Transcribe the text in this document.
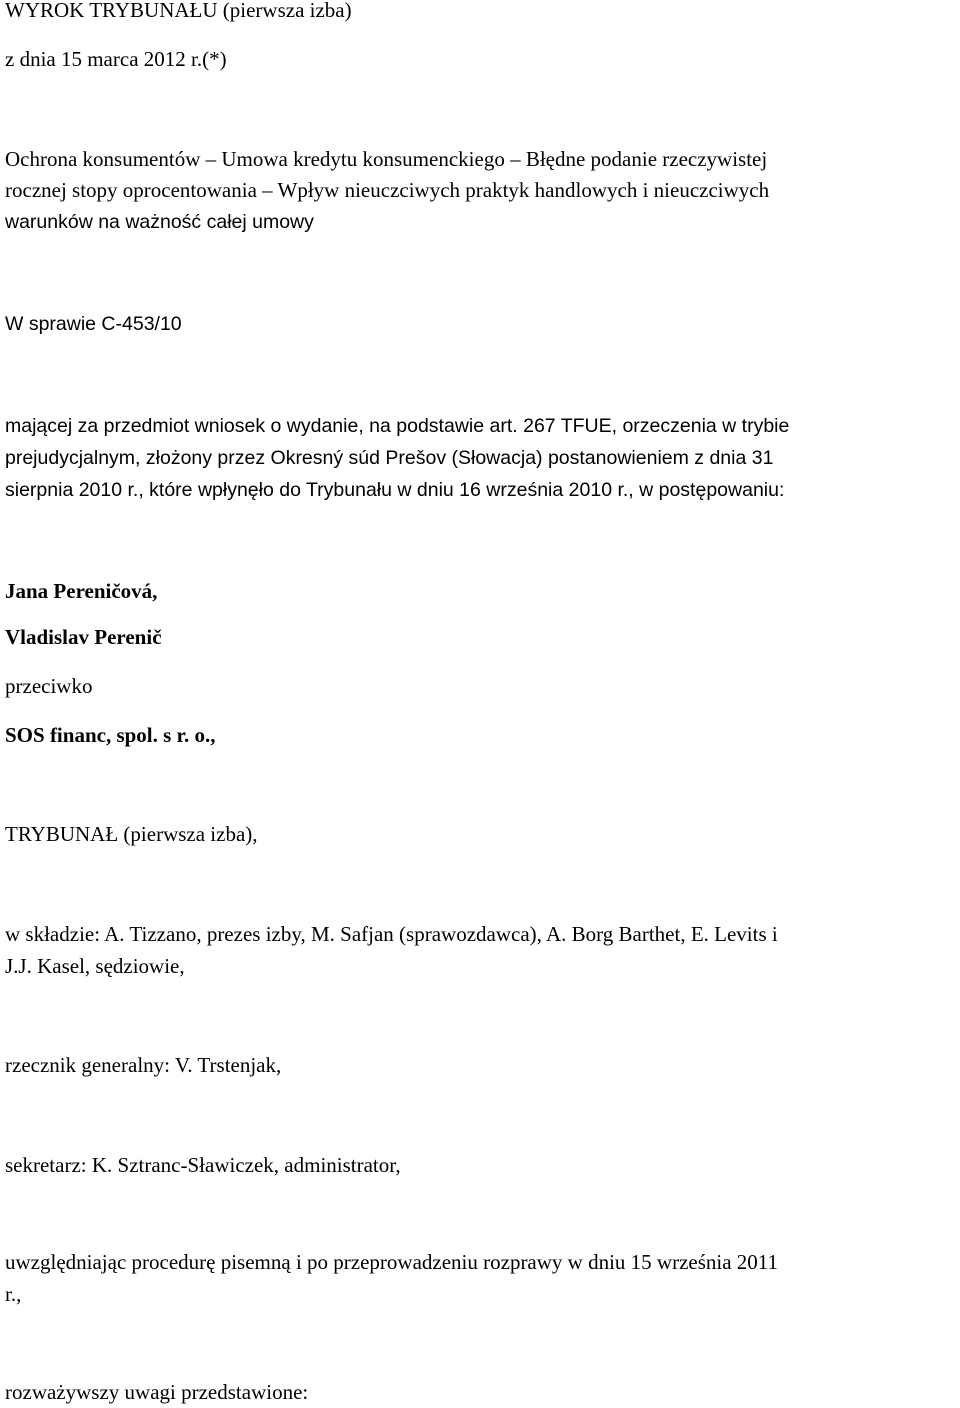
WYROK TRYBUNAŁU (pierwsza izba)

z dnia 15 marca 2012 r.(*)

Ochrona konsumentów – Umowa kredytu konsumenckiego – Błędne podanie rzeczywistej

rocznej stopy oprocentowania – Wpływ nieuczciwych praktyk handlowych i nieuczciwych

warunków na ważność całej umowy

W sprawie C‑453/10

mającej za przedmiot wniosek o wydanie, na podstawie art. 267 TFUE, orzeczenia w trybie

prejudycjalnym, złożony przez Okresný súd Prešov (Słowacja) postanowieniem z dnia 31

sierpnia 2010 r., które wpłynęło do Trybunału w dniu 16 września 2010 r., w postępowaniu:

Jana Pereničová,

Vladislav Perenič

przeciwko

SOS financ, spol. s r. o.,

TRYBUNAŁ (pierwsza izba),

w składzie: A. Tizzano, prezes izby, M. Safjan (sprawozdawca), A. Borg Barthet, E. Levits i

J.J. Kasel, sędziowie,

rzecznik generalny: V. Trstenjak,

sekretarz: K. Sztranc-Sławiczek, administrator,

uwzględniając procedurę pisemną i po przeprowadzeniu rozprawy w dniu 15 września 2011

r.,

rozważywszy uwagi przedstawione:
